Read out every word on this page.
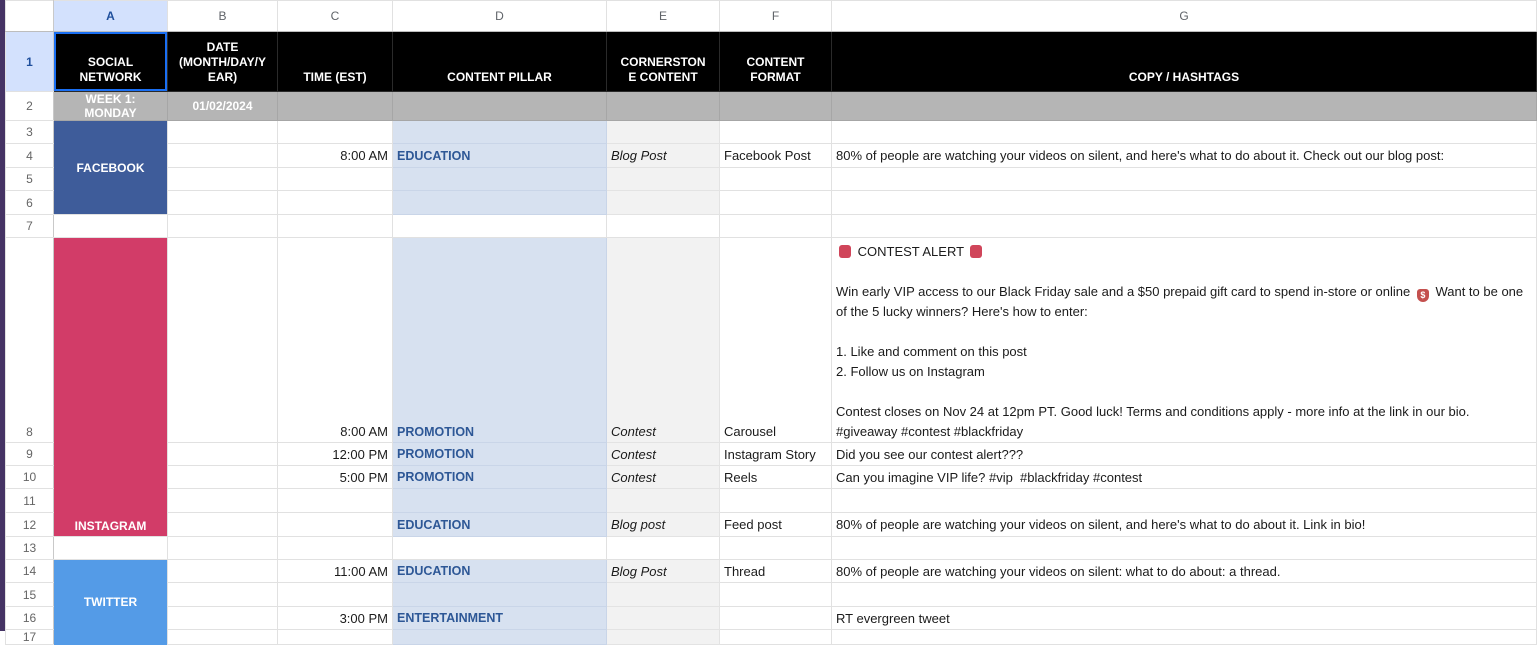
	A	B	C	D	E	F	G
1	SOCIAL NETWORK	DATE (MONTH/DAY/YEAR)	TIME (EST)	CONTENT PILLAR	CORNERSTONE CONTENT	CONTENT FORMAT	COPY / HASHTAGS
2	WEEK 1: MONDAY	01/02/2024					
3	FACEBOOK						
4			8:00 AM	EDUCATION	Blog Post	Facebook Post	80% of people are watching your videos on silent, and here's what to do about it. Check out our blog post:
5							
6							
7							
8	INSTAGRAM		8:00 AM	PROMOTION	Contest	Carousel	
CONTEST ALERT

Win early VIP access to our Black Friday sale and a $50 prepaid gift card to spend in-store or online $ Want to be one of the 5 lucky winners? Here's how to enter:

1. Like and comment on this post
2. Follow us on Instagram

Contest closes on Nov 24 at 12pm PT. Good luck! Terms and conditions apply - more info at the link in our bio.
#giveaway #contest #blackfriday

9			12:00 PM	PROMOTION	Contest	Instagram Story	Did you see our contest alert???
10			5:00 PM	PROMOTION	Contest	Reels	Can you imagine VIP life? #vip  #blackfriday #contest
11							
12				EDUCATION	Blog post	Feed post	80% of people are watching your videos on silent, and here's what to do about it. Link in bio!
13							
14	TWITTER		11:00 AM	EDUCATION	Blog Post	Thread	80% of people are watching your videos on silent: what to do about: a thread.
15							
16			3:00 PM	ENTERTAINMENT			RT evergreen tweet
17							
